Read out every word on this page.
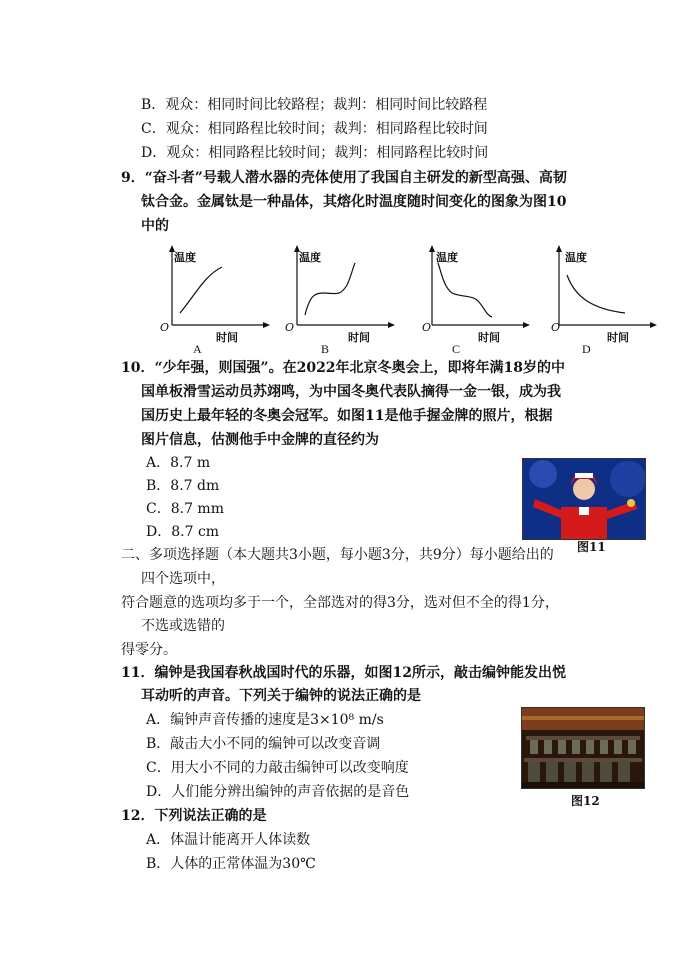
B．观众：相同时间比较路程；裁判：相同时间比较路程
C．观众：相同路程比较时间；裁判：相同路程比较时间
D．观众：相同路程比较时间；裁判：相同路程比较时间
9．“奋斗者”号载人潜水器的壳体使用了我国自主研发的新型高强、高韧
钛合金。金属钛是一种晶体，其熔化时温度随时间变化的图象为图10
中的
温度
时间
O
A
温度
时间
O
B
温度
时间
O
C
温度
时间
O
D
10．“少年强，则国强”。在2022年北京冬奥会上，即将年满18岁的中
国单板滑雪运动员苏翊鸣，为中国冬奥代表队摘得一金一银，成为我
国历史上最年轻的冬奥会冠军。如图11是他手握金牌的照片，根据
图片信息，估测他手中金牌的直径约为
A．8.7 m
B．8.7 dm
C．8.7 mm
D．8.7 cm
图11
二、多项选择题（本大题共3小题，每小题3分，共9分）每小题给出的
四个选项中，
符合题意的选项均多于一个，全部选对的得3分，选对但不全的得1分，
不选或选错的
得零分。
11．编钟是我国春秋战国时代的乐器，如图12所示，敲击编钟能发出悦
耳动听的声音。下列关于编钟的说法正确的是
A．编钟声音传播的速度是3×10⁸ m/s
B．敲击大小不同的编钟可以改变音调
C．用大小不同的力敲击编钟可以改变响度
D．人们能分辨出编钟的声音依据的是音色
图12
12．下列说法正确的是
A．体温计能离开人体读数
B．人体的正常体温为30℃
